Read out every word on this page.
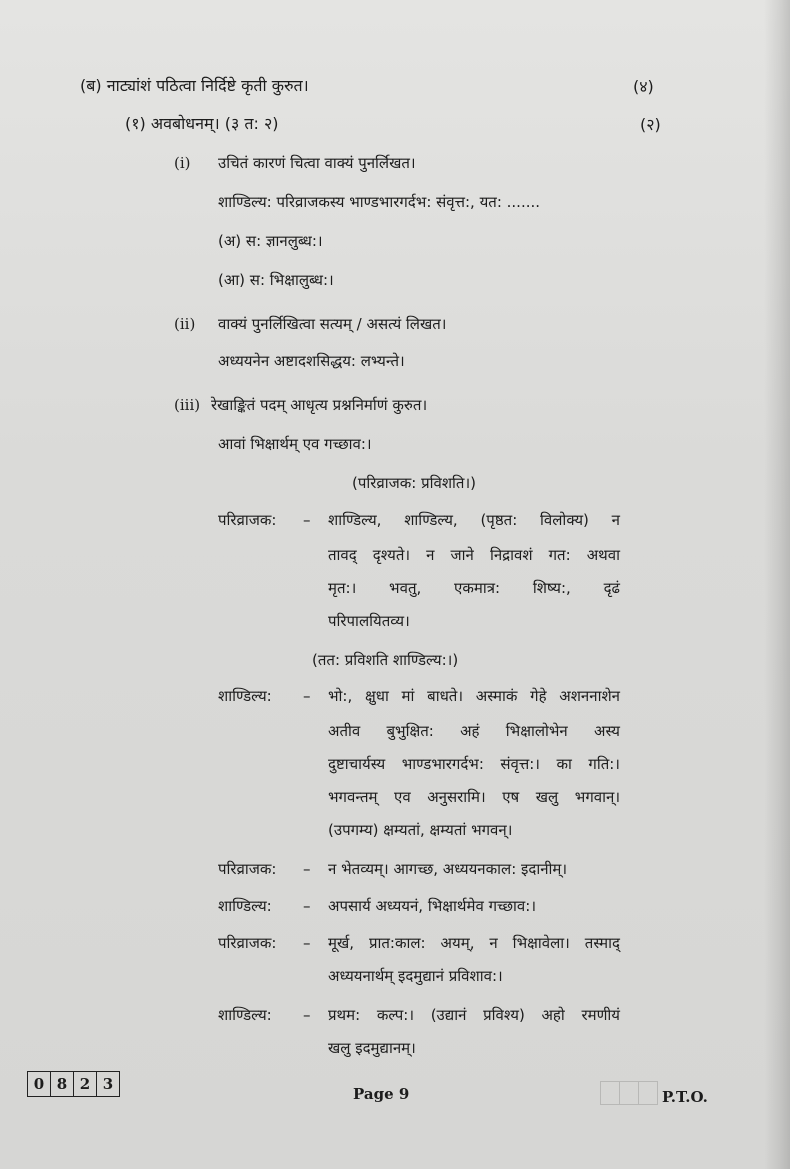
(ब) नाट्यांशं पठित्वा निर्दिष्टे कृती कुरुत।	(४)
(१) अवबोधनम्। (३ त: २)	(२)
(i) उचितं कारणं चित्वा वाक्यं पुनर्लिखत।
शाण्डिल्य: परिव्राजकस्य भाण्डभारगर्दभ: संवृत्त:, यत: .......
(अ) स: ज्ञानलुब्ध:।
(आ) स: भिक्षालुब्ध:।
(ii) वाक्यं पुनर्लिखित्वा सत्यम् / असत्यं लिखत।
अध्ययनेन अष्टादशसिद्धय: लभ्यन्ते।
(iii) रेखाङ्कितं पदम् आधृत्य प्रश्ननिर्माणं कुरुत।
आवां भिक्षार्थम् एव गच्छाव:।
(परिव्राजक: प्रविशति।)
परिव्राजक: – शाण्डिल्य, शाण्डिल्य, (पृष्ठत: विलोक्य) न
तावद् दृश्यते। न जाने निद्रावशं गत: अथवा
मृत:। भवतु, एकमात्र: शिष्य:, दृढं
परिपालयितव्य।
(तत: प्रविशति शाण्डिल्य:।)
शाण्डिल्य: – भो:, क्षुधा मां बाधते। अस्माकं गेहे अशननाशेन
अतीव बुभुक्षित: अहं भिक्षालोभेन अस्य
दुष्टाचार्यस्य भाण्डभारगर्दभ: संवृत्त:। का गति:।
भगवन्तम् एव अनुसरामि। एष खलु भगवान्।
(उपगम्य) क्षम्यतां, क्षम्यतां भगवन्।
परिव्राजक: – न भेतव्यम्। आगच्छ, अध्ययनकाल: इदानीम्।
शाण्डिल्य: – अपसार्य अध्ययनं, भिक्षार्थमेव गच्छाव:।
परिव्राजक: – मूर्ख, प्रात:काल: अयम्, न भिक्षावेला। तस्माद्
अध्ययनार्थम् इदमुद्यानं प्रविशाव:।
शाण्डिल्य: – प्रथम: कल्प:। (उद्यानं प्रविश्य) अहो रमणीयं
खलु इदमुद्यानम्।
0 8 2 3
Page 9	P.T.O.
